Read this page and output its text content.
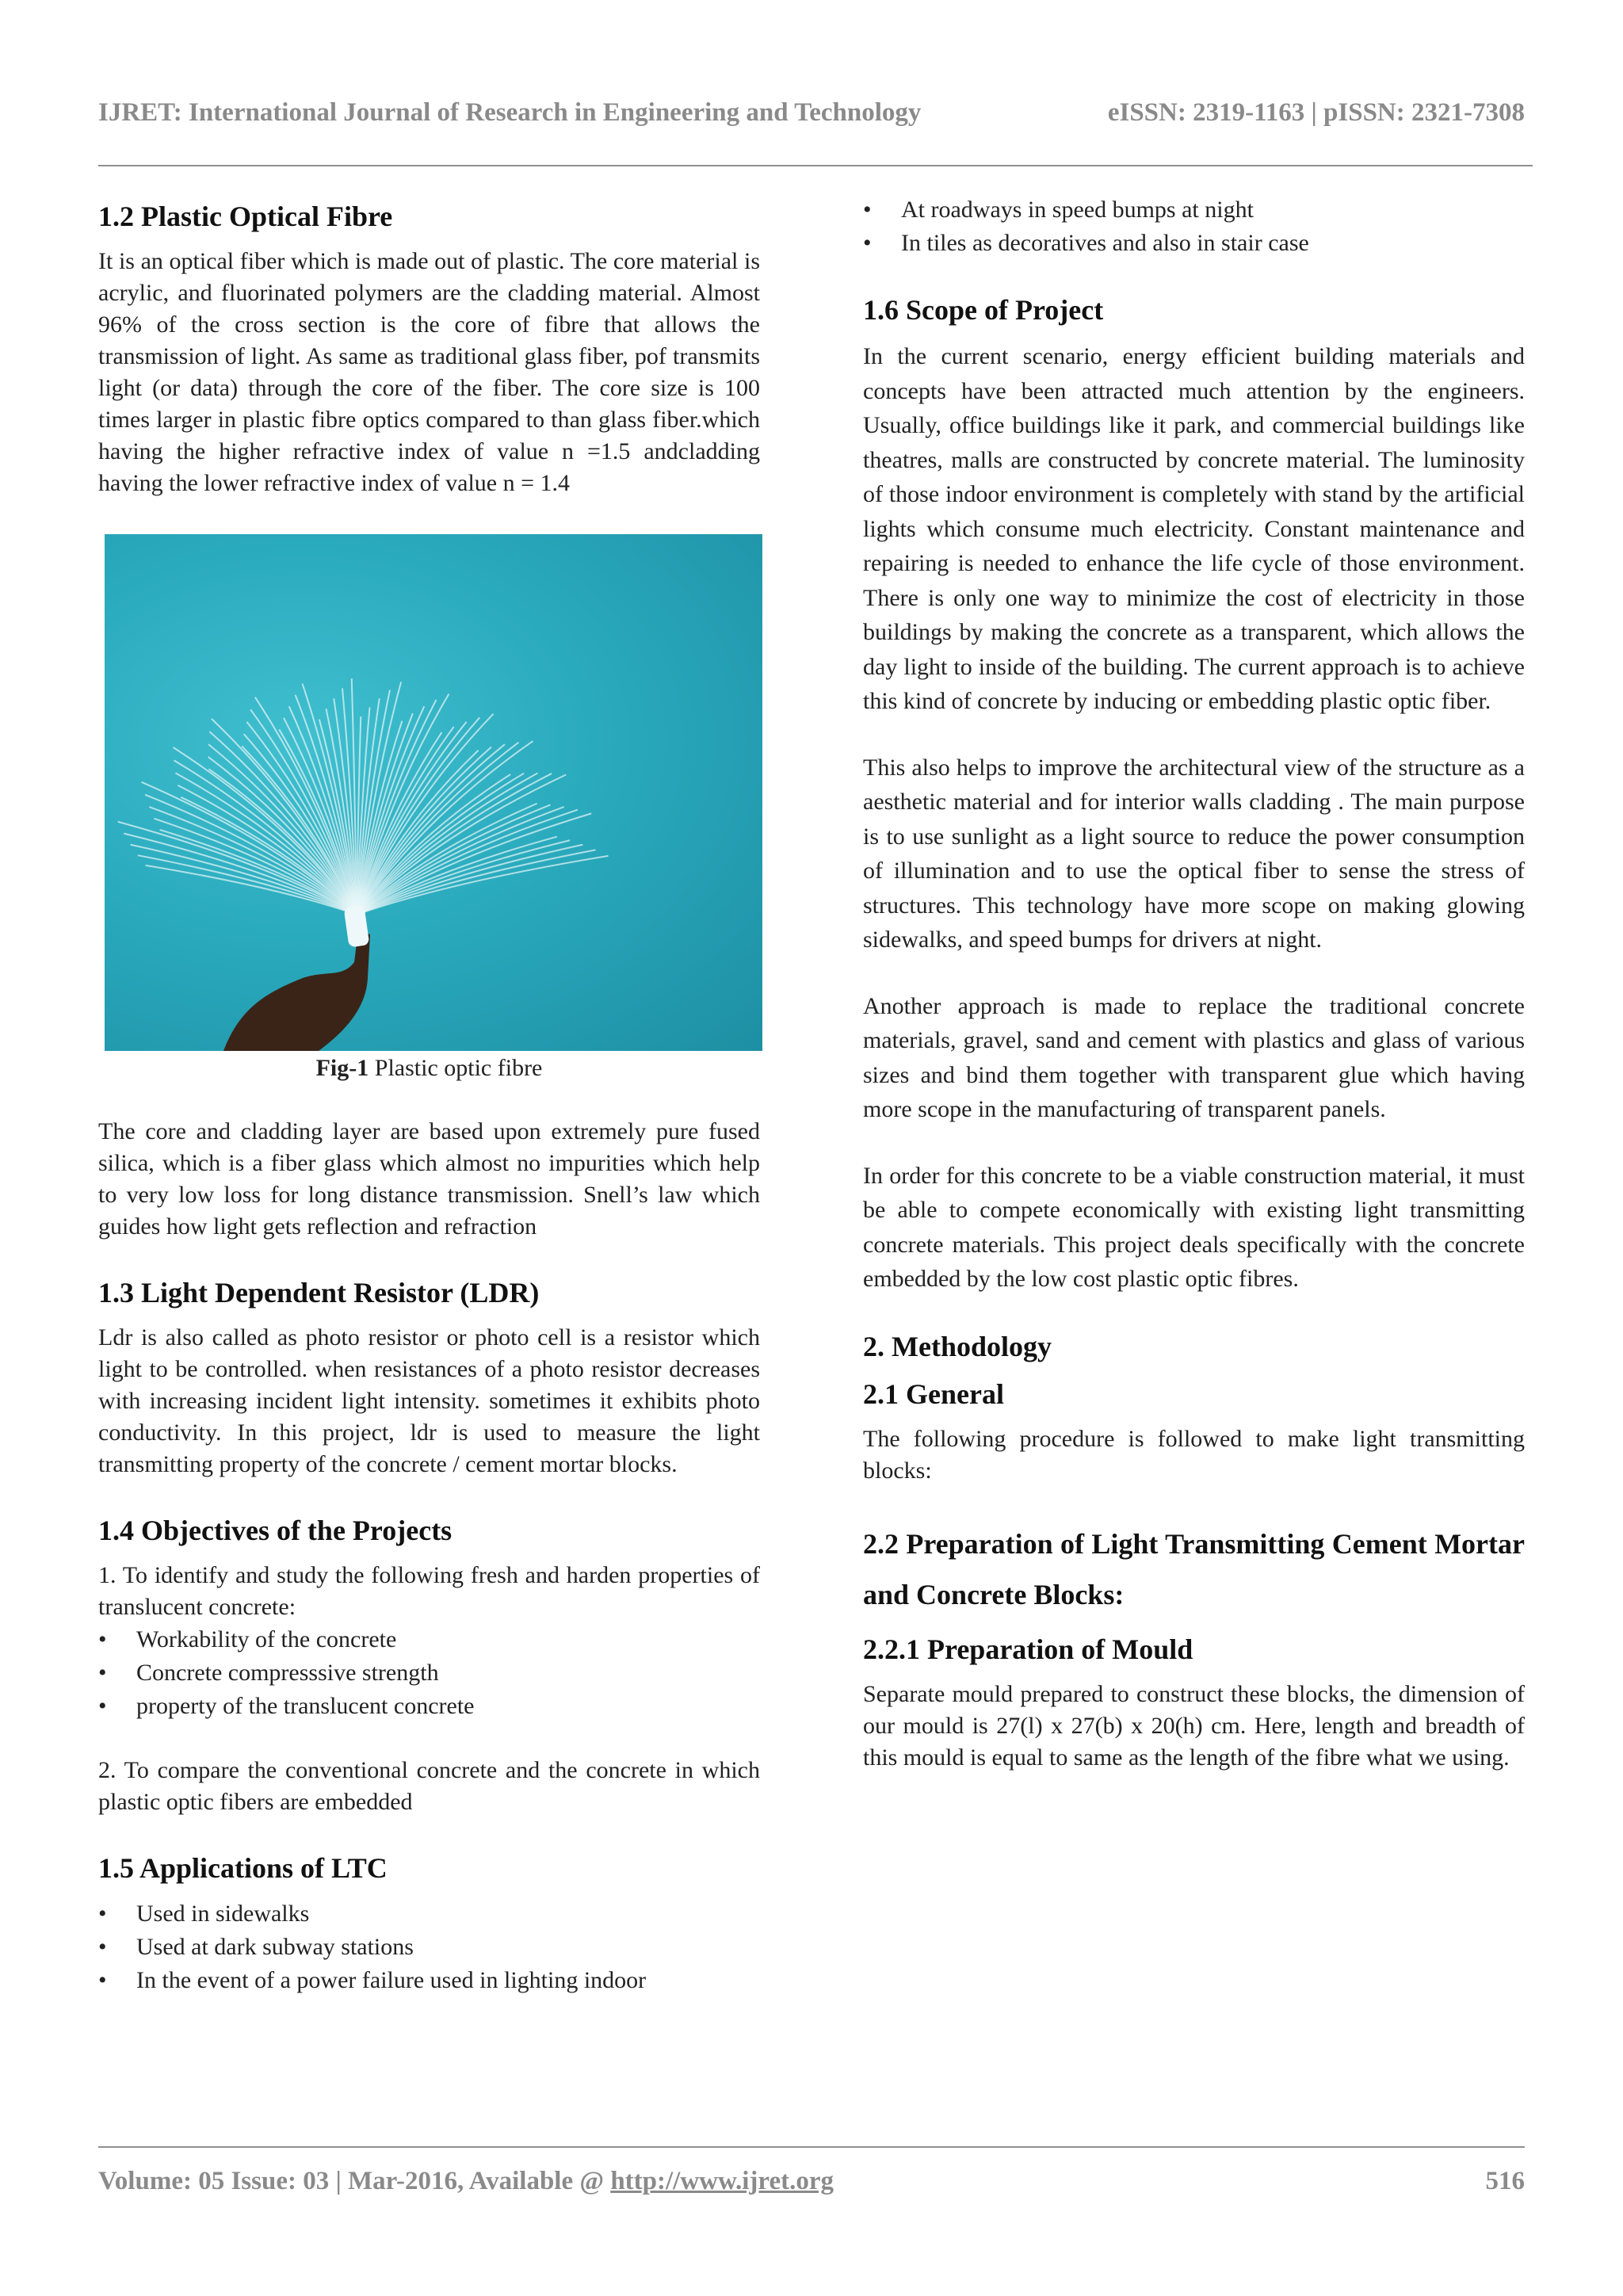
IJRET: International Journal of Research in Engineering and Technology	eISSN: 2319-1163 | pISSN: 2321-7308
1.2 Plastic Optical Fibre

It is an optical fiber which is made out of plastic. The core material is acrylic, and fluorinated polymers are the cladding material. Almost 96% of the cross section is the core of fibre that allows the transmission of light. As same as traditional glass fiber, pof transmits light (or data) through the core of the fiber. The core size is 100 times larger in plastic fibre optics compared to than glass fiber.which having the higher refractive index of value n =1.5 andcladding having the lower refractive index of value n = 1.4

Fig-1 Plastic optic fibre

The core and cladding layer are based upon extremely pure fused silica, which is a fiber glass which almost no impurities which help to very low loss for long distance transmission. Snell’s law which guides how light gets reflection and refraction

1.3 Light Dependent Resistor (LDR)

Ldr is also called as photo resistor or photo cell is a resistor which light to be controlled. when resistances of a photo resistor decreases with increasing incident light intensity. sometimes it exhibits photo conductivity. In this project, ldr is used to measure the light transmitting property of the concrete / cement mortar blocks.

1.4 Objectives of the Projects

1. To identify and study the following fresh and harden properties of translucent concrete:

• Workability of the concrete
• Concrete compresssive strength
• property of the translucent concrete

2. To compare the conventional concrete and the concrete in which plastic optic fibers are embedded

1.5 Applications of LTC
• Used in sidewalks
• Used at dark subway stations
• In the event of a power failure used in lighting indoor
• At roadways in speed bumps at night
• In tiles as decoratives and also in stair case
1.6 Scope of Project

In the current scenario, energy efficient building materials and concepts have been attracted much attention by the engineers. Usually, office buildings like it park, and commercial buildings like theatres, malls are constructed by concrete material. The luminosity of those indoor environment is completely with stand by the artificial lights which consume much electricity. Constant maintenance and repairing is needed to enhance the life cycle of those environment. There is only one way to minimize the cost of electricity in those buildings by making the concrete as a transparent, which allows the day light to inside of the building. The current approach is to achieve this kind of concrete by inducing or embedding plastic optic fiber.

This also helps to improve the architectural view of the structure as a aesthetic material and for interior walls cladding . The main purpose is to use sunlight as a light source to reduce the power consumption of illumination and to use the optical fiber to sense the stress of structures. This technology have more scope on making glowing sidewalks, and speed bumps for drivers at night.

Another approach is made to replace the traditional concrete materials, gravel, sand and cement with plastics and glass of various sizes and bind them together with transparent glue which having more scope in the manufacturing of transparent panels.

In order for this concrete to be a viable construction material, it must be able to compete economically with existing light transmitting concrete materials. This project deals specifically with the concrete embedded by the low cost plastic optic fibres.

2. Methodology
2.1 General

The following procedure is followed to make light transmitting blocks:

2.2 Preparation of Light Transmitting Cement Mortar and Concrete Blocks:
2.2.1 Preparation of Mould

Separate mould prepared to construct these blocks, the dimension of our mould is 27(l) x 27(b) x 20(h) cm. Here, length and breadth of this mould is equal to same as the length of the fibre what we using.

Volume: 05 Issue: 03 | Mar-2016, Available @ http://www.ijret.org	516
